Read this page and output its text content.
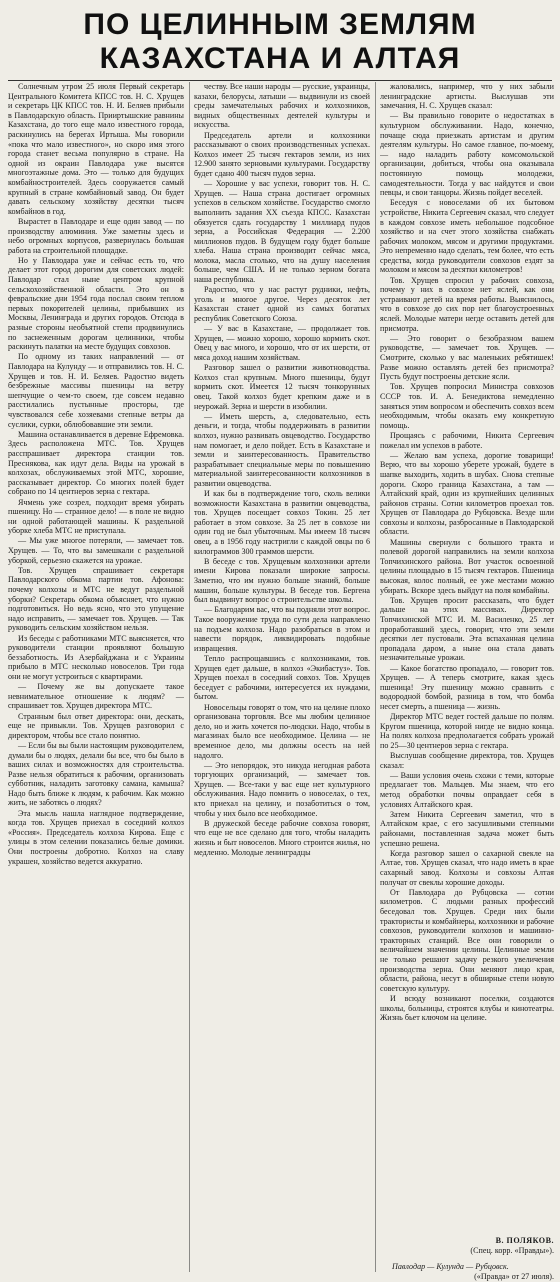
ПО ЦЕЛИННЫМ ЗЕМЛЯМ
КАЗАХСТАНА И АЛТАЯ

Солнечным утром 25 июля Первый секретарь Центрального Комитета КПСС тов. Н. С. Хрущев и секретарь ЦК КПСС тов. Н. И. Беляев прибыли в Павлодарскую область. Прииртышские равнины Казахстана, до того еще мало известного города, раскинулись на берегах Иртыша. Мы говорили «пока что мало известного», но скоро имя этого города станет весьма популярно в стране. На одной из окраин Павлодара уже высятся многоэтажные дома. Это — только для будущих комбайностроителей. Здесь сооружается самый крупный в стране комбайновый завод. Он будет давать сельскому хозяйству десятки тысяч комбайнов в год.

Вырастет в Павлодаре и еще один завод — по производству алюминия. Уже заметны здесь и небо огромных корпусов, развернулась большая работа на строительной площадке.

Но у Павлодара уже и сейчас есть то, что делает этот город дорогим для советских людей: Павлодар стал ныне центром крупной сельскохозяйственной области. Это он в февральские дни 1954 года послал своим теплом первых покорителей целины, прибывших из Москвы, Ленинграда и других городов. Отсюда в разные стороны необъятной степи продвинулись по заснеженным дорогам целинники, чтобы раскинуть палатки на месте будущих совхозов.

По одному из таких направлений — от Павлодара на Кулунду — и отправились тов. Н. С. Хрущев и тов. Н. И. Беляев. Радостно видеть безбрежные массивы пшеницы на ветру шепчущие о чем-то своем, где совсем недавно расстилались пустынные просторы, где чувствовался себе хозяевами степные ветры да суслики, сурки, облюбовавшие эти земли.

Машина останавливается в деревне Ефремовка. Здесь расположена МТС. Тов. Хрущев расспрашивает директора станции тов. Преснякова, как идут дела. Виды на урожай в колхозах, обслуживаемых этой МТС, хорошие, рассказывает директор. Со многих полей будет собрано по 14 центнеров зерна с гектара.

Ячмень уже созрел, подходит время убирать пшеницу. Но — странное дело! — в поле не видно ни одной работающей машины. К раздельной уборке хлеба МТС не приступала.

— Мы уже многое потеряли, — замечает тов. Хрущев. — То, что вы замешкали с раздельной уборкой, серьезно скажется на урожае.

Тов. Хрущев спрашивает секретаря Павлодарского обкома партии тов. Афонова: почему колхозы и МТС не ведут раздельной уборки? Секретарь обкома объясняет, что нужно подготовиться. Но ведь ясно, что это упущение надо исправить, — замечает тов. Хрущев. — Так руководить сельским хозяйством нельзя.

Из беседы с работниками МТС выясняется, что руководители станции проявляют большую беззаботность. Из Азербайджана и с Украины прибыло в МТС несколько новоселов. Три года они не могут устроиться с квартирами.

— Почему же вы допускаете такое невнимательное отношение к людям? — спрашивает тов. Хрущев директора МТС.

Странным был ответ директора: они, дескать, еще не привыкли. Тов. Хрущев разговорил с директором, чтобы все стало понятно.

— Если бы вы были настоящим руководителем, думали бы о людях, делали бы все, что бы было в ваших силах и возможностях для строительства. Разве нельзя обратиться к рабочим, организовать субботник, наладить заготовку самана, камыша? Надо быть ближе к людям, к рабочим. Как можно жить, не заботясь о людях?

Эта мысль нашла наглядное подтверждение, когда тов. Хрущев приехал в соседний колхоз «Россия». Председатель колхоза Кирова. Еще с улицы в этом селении показались белые домики. Они построены добротно. Колхоз на славу украшен, хозяйство ведется аккуратно.

честву. Все наши народы — русские, украинцы, казахи, белорусы, латыши — выдвинули из своей среды замечательных рабочих и колхозников, видных общественных деятелей культуры и искусства.

Председатель артели и колхозники рассказывают о своих производственных успехах. Колхоз имеет 25 тысяч гектаров земли, из них 12.900 занято зерновыми культурами. Государству будет сдано 400 тысяч пудов зерна.

— Хорошие у вас успехи, говорит тов. Н. С. Хрущев. — Наша страна достигает огромных успехов в сельском хозяйстве. Государство смогло выполнить задания XX съезда КПСС. Казахстан обязуется сдать государству 1 миллиард пудов зерна, а Российская Федерация — 2.200 миллионов пудов. В будущем году будет больше хлеба. Наша страна производит сейчас мяса, молока, масла столько, что на душу населения больше, чем США. И не только зерном богата наша республика.

Радостно, что у нас растут рудники, нефть, уголь и многое другое. Через десяток лет Казахстан станет одной из самых богатых республик Советского Союза.

— У вас в Казахстане, — продолжает тов. Хрущев, — можно хорошо, хорошо кормить скот. Овец у вас много, и хорошо, что от их шерсти, от мяса доход нашим хозяйствам.

Разговор зашел о развитии животноводства. Колхоз стал крупным. Много пшеницы, будут кормить скот. Имеется 12 тысяч тонкорунных овец. Такой колхоз будет крепким даже и в неурожай. Зерна и шерсти в изобилии.

— Иметь шерсть, а, следовательно, есть деньги, и тогда, чтобы поддерживать в развитии колхоз, нужно развивать овцеводство. Государство нам помогает, и дело пойдет. Есть в Казахстане и земли и заинтересованность. Правительство разрабатывает специальные меры по повышению материальной заинтересованности колхозников в развитии овцеводства.

И как бы в подтверждение того, сколь велики возможности Казахстана в развитии овцеводства, тов. Хрущев посещает совхоз Токин. 25 лет работает в этом совхозе. За 25 лет в совхозе ни один год не был убыточным. Мы имеем 18 тысяч овец, а в 1956 году настригли с каждой овцы по 6 килограммов 300 граммов шерсти.

В беседе с тов. Хрущевым колхозники артели имени Кирова показали широкие запросы. Заметно, что им нужно больше знаний, больше машин, больше культуры. В беседе тов. Бергена был выдвинут вопрос о строительстве школы.

— Благодарим вас, что вы подняли этот вопрос. Такое вооружение труда по сути дела направлено на подъем колхоза. Надо разобраться в этом и навести порядок, ликвидировать подобные извращения.

Тепло распрощавшись с колхозниками, тов. Хрущев едет дальше, в колхоз «Экибастуз». Тов. Хрущев поехал в соседний совхоз. Тов. Хрущев беседует с рабочими, интересуется их нуждами, бытом.

Новосельцы говорят о том, что на целине плохо организована торговля. Все мы любим целинное дело, но и жить хочется по-людски. Надо, чтобы в магазинах было все необходимое. Целина — не временное дело, мы должны осесть на ней надолго.

— Это непорядок, это никуда негодная работа торгующих организаций, — замечает тов. Хрущев. — Все-таки у вас еще нет культурного обслуживания. Надо помнить о новоселах, о тех, кто приехал на целину, и позаботиться о том, чтобы у них было все необходимое.

В дружеской беседе рабочие совхоза говорят, что еще не все сделано для того, чтобы наладить жизнь и быт новоселов. Много строится жилья, но медленно. Молодые ленинградцы

жаловались, например, что у них забыли ленинградские артисты. Выслушав эти замечания, Н. С. Хрущев сказал:

— Вы правильно говорите о недостатках в культурном обслуживании. Надо, конечно, почаще сюда приезжать артистам и другим деятелям культуры. Но самое главное, по-моему, — надо наладить работу комсомольской организации, добиться, чтобы она оказывала постоянную помощь молодежи, самодеятельности. Тогда у вас найдутся и свои певцы, и свои танцоры. Жизнь пойдет веселей.

Беседуя с новоселами об их бытовом устройстве, Никита Сергеевич сказал, что следует в каждом совхозе иметь небольшое подсобное хозяйство и на счет этого хозяйства снабжать рабочих молоком, мясом и другими продуктами. Это непременно надо сделать, тем более, что есть средства, когда руководители совхозов ездят за молоком и мясом за десятки километров!

Тов. Хрущев спросил у рабочих совхоза, почему у них в совхозе нет яслей, как они устраивают детей на время работы. Выяснилось, что в совхозе до сих пор нет благоустроенных яслей. Молодые матери негде оставить детей для присмотра.

— Это говорит о безобразном вашем руководстве, — замечает тов. Хрущев. — Смотрите, сколько у вас маленьких ребятишек! Разве можно оставлять детей без присмотра? Пусть будут построены детские ясли.

Тов. Хрущев попросил Министра совхозов СССР тов. И. А. Бенедиктова немедленно заняться этим вопросом и обеспечить совхоз всем необходимым, чтобы оказать ему конкретную помощь.

Прощаясь с рабочими, Никита Сергеевич пожелал им успехов в работе.

— Желаю вам успеха, дорогие товарищи! Верю, что вы хорошо уберете урожай, будете в шапке выходить, ходить в шубах. Снова степные дороги. Скоро граница Казахстана, а там — Алтайский край, один из крупнейших целинных районов страны. Сотни километров проехал тов. Хрущев от Павлодара до Рубцовска. Везде шли совхозы и колхозы, разбросанные в Павлодарской области.

Машины свернули с большого тракта и полевой дорогой направились на земли колхоза Топчихинского района. Вот участок освоенной целины площадью в 15 тысяч гектаров. Пшеница высокая, колос полный, ее уже местами можно убирать. Вскоре здесь выйдут на поля комбайны.

Тов. Хрущев просит рассказать, что будет дальше на этих массивах. Директор Топчихинской МТС И. М. Василенко, 25 лет проработавший здесь, говорит, что эти земли десятки лет пустовали. Эта вспаханная целина пропадала даром, а ныне она стала давать незначительные урожаи.

— Какое богатство пропадало, — говорит тов. Хрущев. — А теперь смотрите, какая здесь пшеница! Эту пшеницу можно сравнить с водородной бомбой, разница в том, что бомба несет смерть, а пшеница — жизнь.

Директор МТС ведет гостей дальше по полям. Кругом пшеница, которой нигде не видно конца. На полях колхоза предполагается собрать урожай по 25—30 центнеров зерна с гектара.

Выслушав сообщение директора, тов. Хрущев сказал:

— Ваши условия очень схожи с теми, которые предлагает тов. Мальцев. Мы знаем, что его метод обработки почвы оправдает себя в условиях Алтайского края.

Затем Никита Сергеевич заметил, что в Алтайском крае, с его засушливыми степными районами, поставленная задача может быть успешно решена.

Когда разговор зашел о сахарной свекле на Алтае, тов. Хрущев сказал, что надо иметь в крае сахарный завод. Колхозы и совхозы Алтая получат от свеклы хорошие доходы.

От Павлодара до Рубцовска — сотни километров. С людьми разных профессий беседовал тов. Хрущев. Среди них были трактористы и комбайнеры, колхозники и рабочие совхозов, руководители колхозов и машинно-тракторных станций. Все они говорили о величайшем значении целины. Целинные земли не только решают задачу резкого увеличения производства зерна. Они меняют лицо края, области, района, несут в обширные степи новую советскую культуру.

И всюду возникают поселки, создаются школы, больницы, строятся клубы и кинотеатры. Жизнь бьет ключом на целине.

В. ПОЛЯКОВ.
(Спец. корр. «Правды»).
Павлодар — Кулунда — Рубцовск.
(«Правда» от 27 июля).
